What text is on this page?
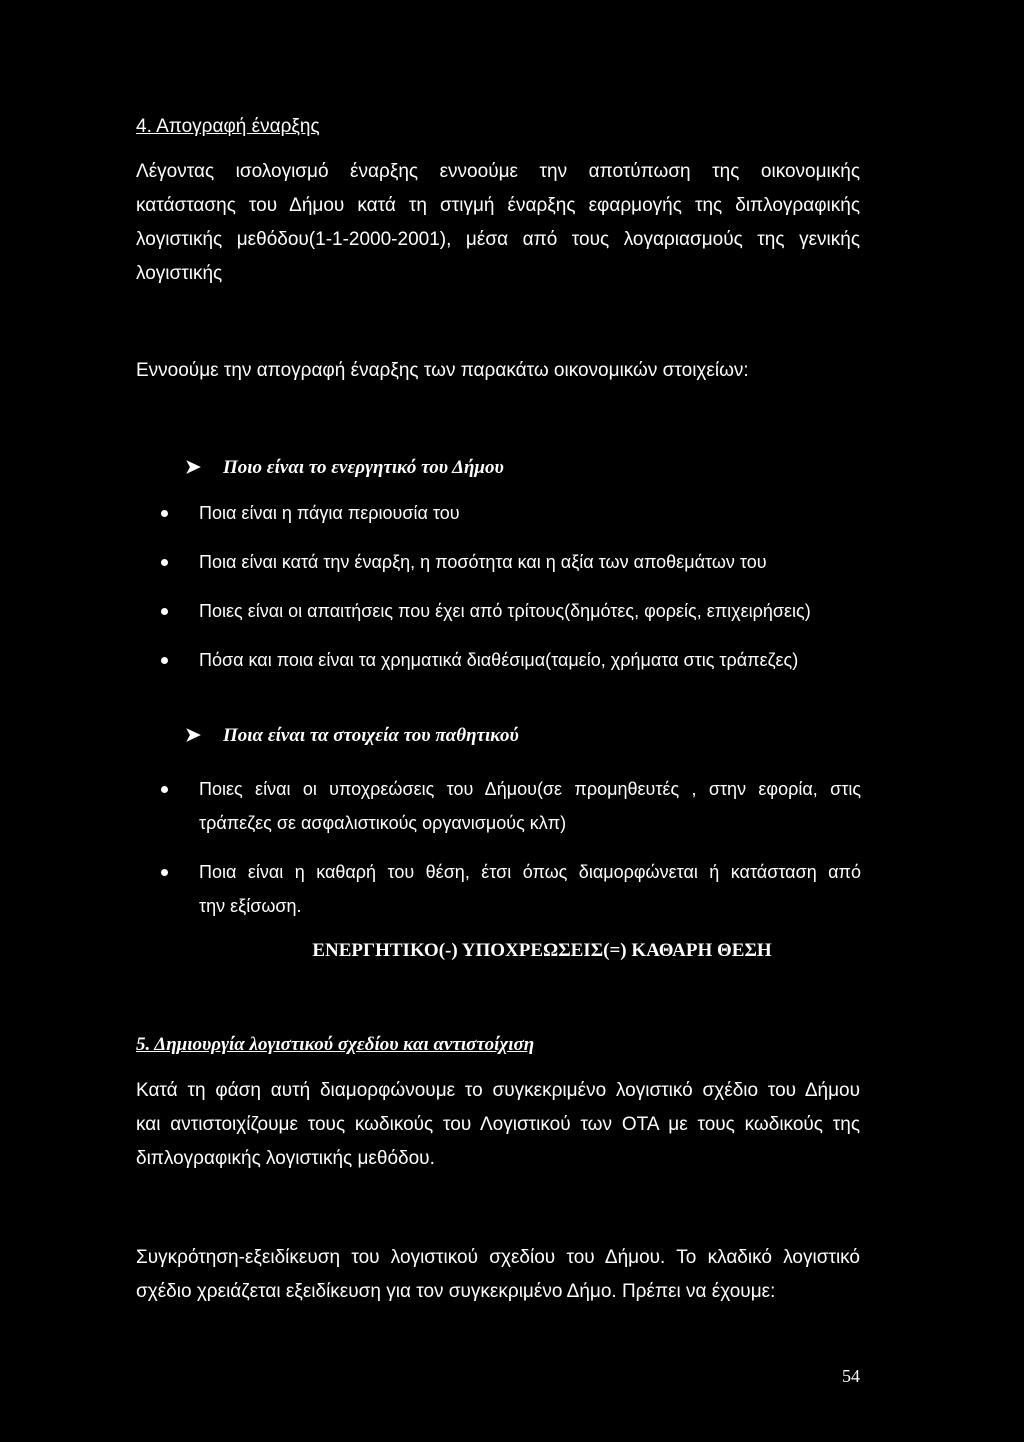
4. Απογραφή έναρξης
Λέγοντας ισολογισμό έναρξης εννοούμε την αποτύπωση της οικονομικής
κατάστασης του Δήμου κατά τη στιγμή έναρξης εφαρμογής της διπλογραφικής
λογιστικής μεθόδου(1-1-2000-2001), μέσα από τους λογαριασμούς της γενικής
λογιστικής
Εννοούμε την απογραφή έναρξης των παρακάτω οικονομικών στοιχείων:
➤ Ποιο είναι το ενεργητικό του Δήμου
Ποια είναι η πάγια περιουσία του
Ποια είναι κατά την έναρξη, η ποσότητα και η αξία των αποθεμάτων του
Ποιες είναι οι απαιτήσεις που έχει από τρίτους(δημότες, φορείς, επιχειρήσεις)
Πόσα και ποια είναι τα χρηματικά διαθέσιμα(ταμείο, χρήματα στις τράπεζες)
➤ Ποια είναι τα στοιχεία του παθητικού
Ποιες είναι οι υποχρεώσεις του Δήμου(σε προμηθευτές , στην εφορία, στις
τράπεζες σε ασφαλιστικούς οργανισμούς κλπ)
Ποια είναι η καθαρή του θέση, έτσι όπως διαμορφώνεται ή κατάσταση από
την εξίσωση.
ΕΝΕΡΓΗΤΙΚΟ(-) ΥΠΟΧΡΕΩΣΕΙΣ(=) ΚΑΘΑΡΗ ΘΕΣΗ
5. Δημιουργία λογιστικού σχεδίου και αντιστοίχιση
Κατά τη φάση αυτή διαμορφώνουμε το συγκεκριμένο λογιστικό σχέδιο του Δήμου
και αντιστοιχίζουμε τους κωδικούς του Λογιστικού των ΟΤΑ με τους κωδικούς της
διπλογραφικής λογιστικής μεθόδου.
Συγκρότηση-εξειδίκευση του λογιστικού σχεδίου του Δήμου. Το κλαδικό λογιστικό
σχέδιο χρειάζεται εξειδίκευση για τον συγκεκριμένο Δήμο. Πρέπει να έχουμε:
54
